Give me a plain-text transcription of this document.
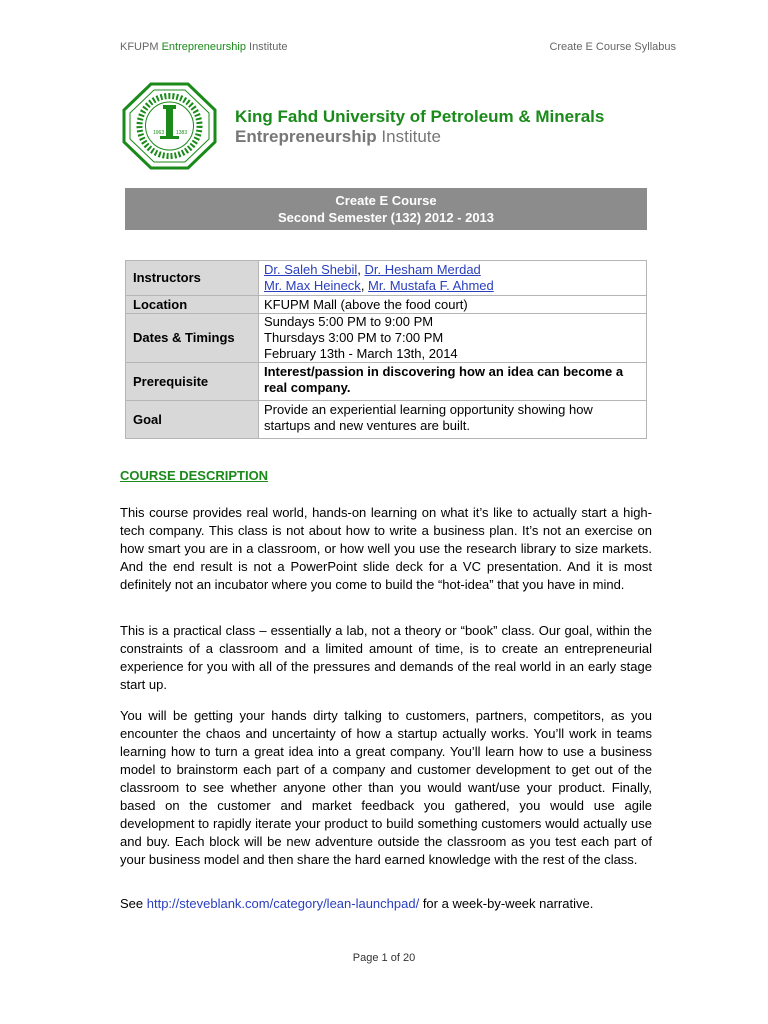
KFUPM Entrepreneurship Institute	Create E Course Syllabus
1963 1383
King Fahd University of Petroleum & Minerals
Entrepreneurship Institute
Create E Course
Second Semester (132) 2012 - 2013
Instructors	Dr. Saleh Shebil, Dr. Hesham Merdad
Mr. Max Heineck, Mr. Mustafa F. Ahmed
Location	KFUPM Mall (above the food court)
Dates & Timings	Sundays 5:00 PM to 9:00 PM
Thursdays 3:00 PM to 7:00 PM
February 13th - March 13th, 2014

Prerequisite	Interest/passion in discovering how an idea can become a real company.
Goal	Provide an experiential learning opportunity showing how startups and new ventures are built.
COURSE DESCRIPTION
This course provides real world, hands-on learning on what it’s like to actually start a high-tech company. This class is not about how to write a business plan. It’s not an exercise on how smart you are in a classroom, or how well you use the research library to size markets. And the end result is not a PowerPoint slide deck for a VC presentation. And it is most definitely not an incubator where you come to build the “hot-idea” that you have in mind.
This is a practical class – essentially a lab, not a theory or “book” class. Our goal, within the constraints of a classroom and a limited amount of time, is to create an entrepreneurial experience for you with all of the pressures and demands of the real world in an early stage start up.
You will be getting your hands dirty talking to customers, partners, competitors, as you encounter the chaos and uncertainty of how a startup actually works. You’ll work in teams learning how to turn a great idea into a great company. You’ll learn how to use a business model to brainstorm each part of a company and customer development to get out of the classroom to see whether anyone other than you would want/use your product. Finally, based on the customer and market feedback you gathered, you would use agile development to rapidly iterate your product to build something customers would actually use and buy. Each block will be new adventure outside the classroom as you test each part of your business model and then share the hard earned knowledge with the rest of the class.
See http://steveblank.com/category/lean-launchpad/ for a week-by-week narrative.
Page 1 of 20
